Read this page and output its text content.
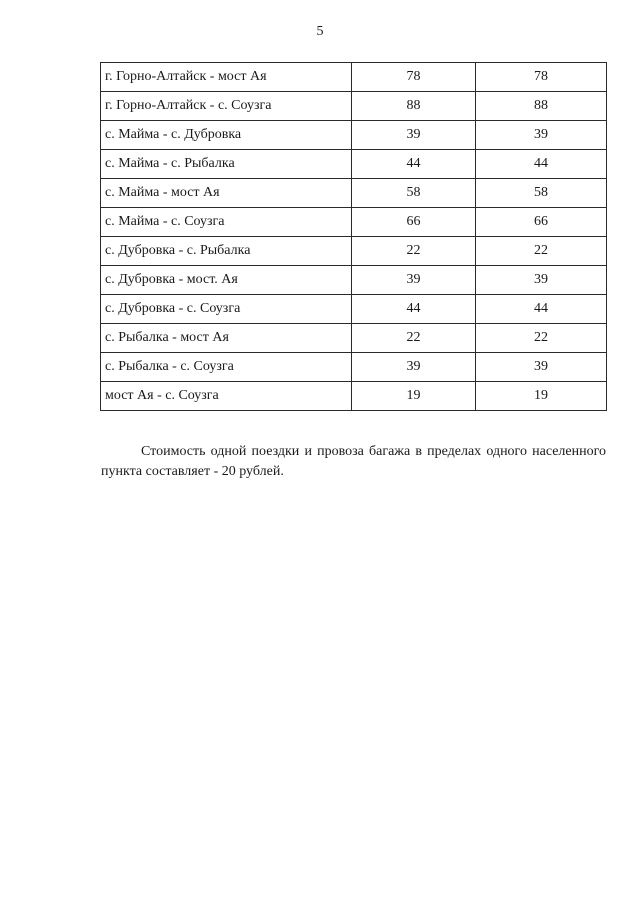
5
г. Горно-Алтайск - мост Ая	78	78
г. Горно-Алтайск - с. Соузга	88	88
с. Майма - с. Дубровка	39	39
с. Майма - с. Рыбалка	44	44
с. Майма - мост Ая	58	58
с. Майма - с. Соузга	66	66
с. Дубровка - с. Рыбалка	22	22
с. Дубровка - мост. Ая	39	39
с. Дубровка - с. Соузга	44	44
с. Рыбалка - мост Ая	22	22
с. Рыбалка - с. Соузга	39	39
мост Ая - с. Соузга	19	19

Стоимость одной поездки и провоза багажа в пределах одного населенного пункта составляет - 20 рублей.
